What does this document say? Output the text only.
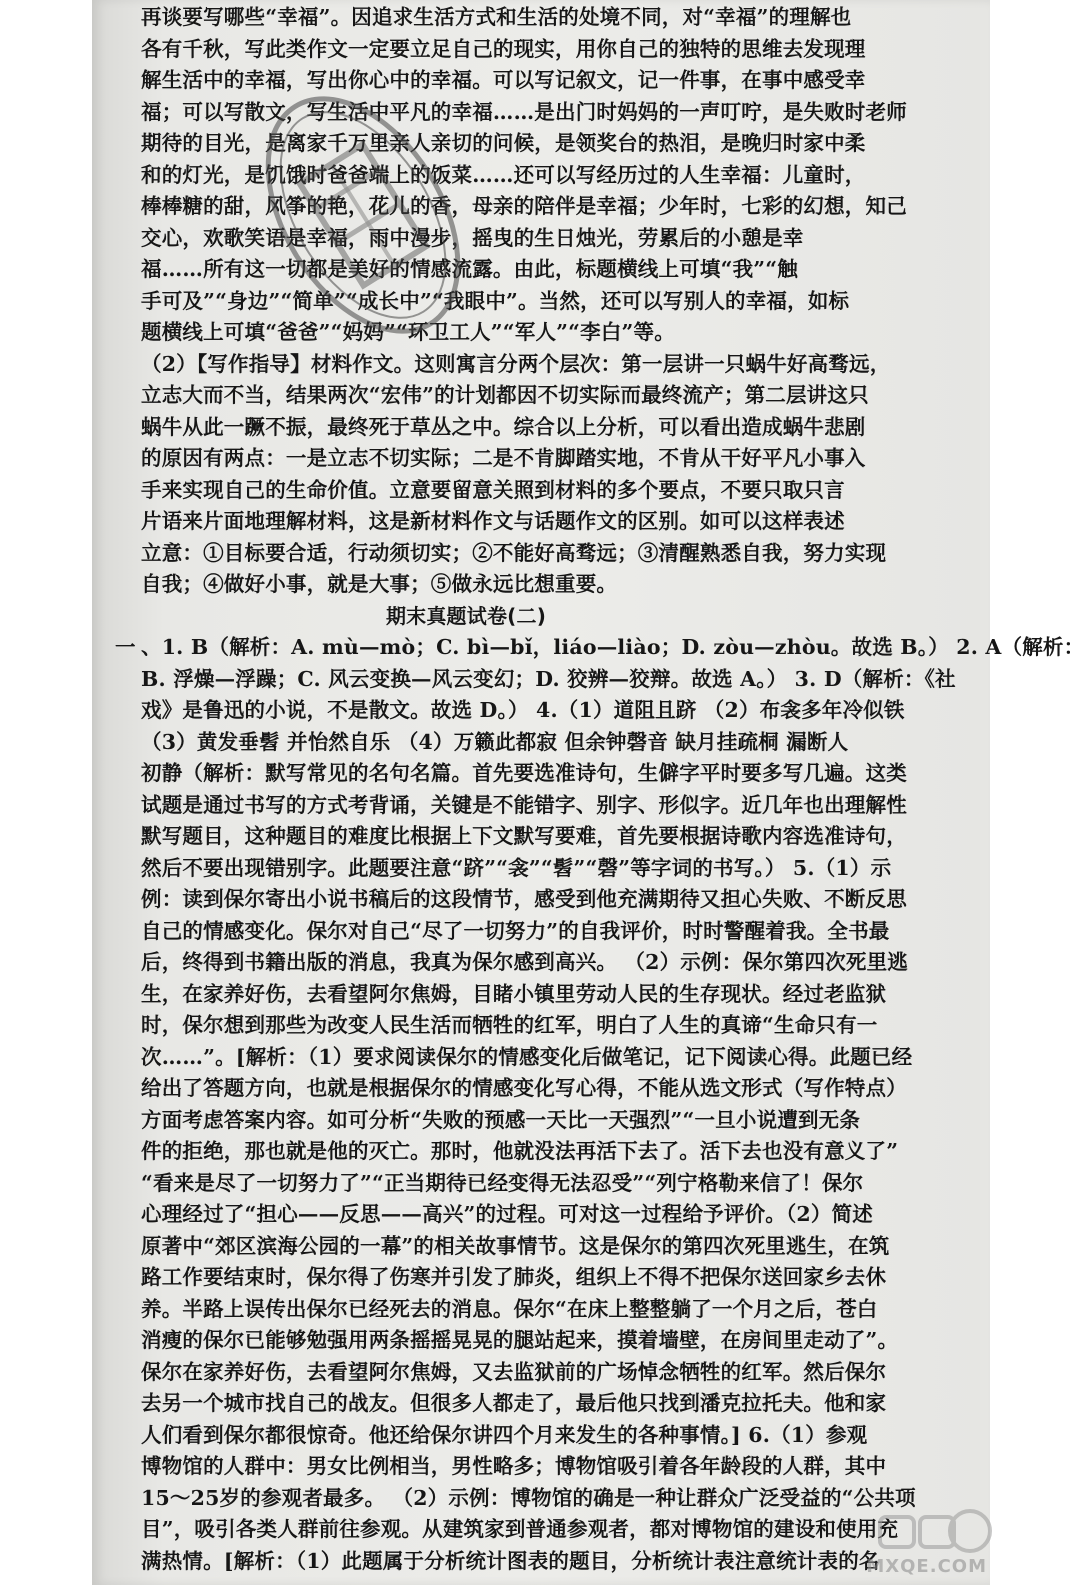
再谈要写哪些“幸福”。因追求生活方式和生活的处境不同，对“幸福”的理解也
各有千秋，写此类作文一定要立足自己的现实，用你自己的独特的思维去发现理
解生活中的幸福，写出你心中的幸福。可以写记叙文，记一件事，在事中感受幸
福；可以写散文，写生活中平凡的幸福……是出门时妈妈的一声叮咛，是失败时老师
期待的目光，是离家千万里亲人亲切的问候，是领奖台的热泪，是晚归时家中柔
和的灯光，是饥饿时爸爸端上的饭菜……还可以写经历过的人生幸福：儿童时，
棒棒糖的甜，风筝的艳，花儿的香，母亲的陪伴是幸福；少年时，七彩的幻想，知己
交心，欢歌笑语是幸福，雨中漫步，摇曳的生日烛光，劳累后的小憩是幸
福……所有这一切都是美好的情感流露。由此，标题横线上可填“我”“触
手可及”“身边”“简单”“成长中”“我眼中”。当然，还可以写别人的幸福，如标
题横线上可填“爸爸”“妈妈”“环卫工人”“军人”“李白”等。
（2）【写作指导】材料作文。这则寓言分两个层次：第一层讲一只蜗牛好高骛远，
立志大而不当，结果两次“宏伟”的计划都因不切实际而最终流产；第二层讲这只
蜗牛从此一蹶不振，最终死于草丛之中。综合以上分析，可以看出造成蜗牛悲剧
的原因有两点：一是立志不切实际；二是不肯脚踏实地，不肯从干好平凡小事入
手来实现自己的生命价值。立意要留意关照到材料的多个要点，不要只取只言
片语来片面地理解材料，这是新材料作文与话题作文的区别。如可以这样表述
立意：①目标要合适，行动须切实；②不能好高骛远；③清醒熟悉自我，努力实现
自我；④做好小事，就是大事；⑤做永远比想重要。
期末真题试卷(二)
一 、1. B（解析：A. mù—mò；C. bì—bǐ，liáo—liào；D. zòu—zhòu。故选 B。） 2. A（解析：
B. 浮燥—浮躁；C. 风云变换—风云变幻；D. 狡辨—狡辩。故选 A。） 3. D（解析：《社
戏》是鲁迅的小说，不是散文。故选 D。） 4.（1）道阻且跻 （2）布衾多年冷似铁
（3）黄发垂髫 并怡然自乐 （4）万籁此都寂 但余钟磬音 缺月挂疏桐 漏断人
初静（解析：默写常见的名句名篇。首先要选准诗句，生僻字平时要多写几遍。这类
试题是通过书写的方式考背诵，关键是不能错字、别字、形似字。近几年也出理解性
默写题目，这种题目的难度比根据上下文默写要难，首先要根据诗歌内容选准诗句，
然后不要出现错别字。此题要注意“跻”“衾”“髫”“磬”等字词的书写。） 5.（1）示
例：读到保尔寄出小说书稿后的这段情节，感受到他充满期待又担心失败、不断反思
自己的情感变化。保尔对自己“尽了一切努力”的自我评价，时时警醒着我。全书最
后，终得到书籍出版的消息，我真为保尔感到高兴。 （2）示例：保尔第四次死里逃
生，在家养好伤，去看望阿尔焦姆，目睹小镇里劳动人民的生存现状。经过老监狱
时，保尔想到那些为改变人民生活而牺牲的红军，明白了人生的真谛“生命只有一
次……”。[解析：（1）要求阅读保尔的情感变化后做笔记，记下阅读心得。此题已经
给出了答题方向，也就是根据保尔的情感变化写心得，不能从选文形式（写作特点）
方面考虑答案内容。如可分析“失败的预感一天比一天强烈”“一旦小说遭到无条
件的拒绝，那也就是他的灭亡。那时，他就没法再活下去了。活下去也没有意义了”
“看来是尽了一切努力了”“正当期待已经变得无法忍受”“列宁格勒来信了！保尔
心理经过了“担心——反思——高兴”的过程。可对这一过程给予评价。（2）简述
原著中“郊区滨海公园的一幕”的相关故事情节。这是保尔的第四次死里逃生，在筑
路工作要结束时，保尔得了伤寒并引发了肺炎，组织上不得不把保尔送回家乡去休
养。半路上误传出保尔已经死去的消息。保尔“在床上整整躺了一个月之后，苍白
消瘦的保尔已能够勉强用两条摇摇晃晃的腿站起来，摸着墙壁，在房间里走动了”。
保尔在家养好伤，去看望阿尔焦姆，又去监狱前的广场悼念牺牲的红军。然后保尔
去另一个城市找自己的战友。但很多人都走了，最后他只找到潘克拉托夫。他和家
人们看到保尔都很惊奇。他还给保尔讲四个月来发生的各种事情。] 6.（1）参观
博物馆的人群中：男女比例相当，男性略多；博物馆吸引着各年龄段的人群，其中
15～25岁的参观者最多。 （2）示例：博物馆的确是一种让群众广泛受益的“公共项
目”，吸引各类人群前往参观。从建筑家到普通参观者，都对博物馆的建设和使用充
满热情。[解析：（1）此题属于分析统计图表的题目，分析统计表注意统计表的名
MXQE.COM
